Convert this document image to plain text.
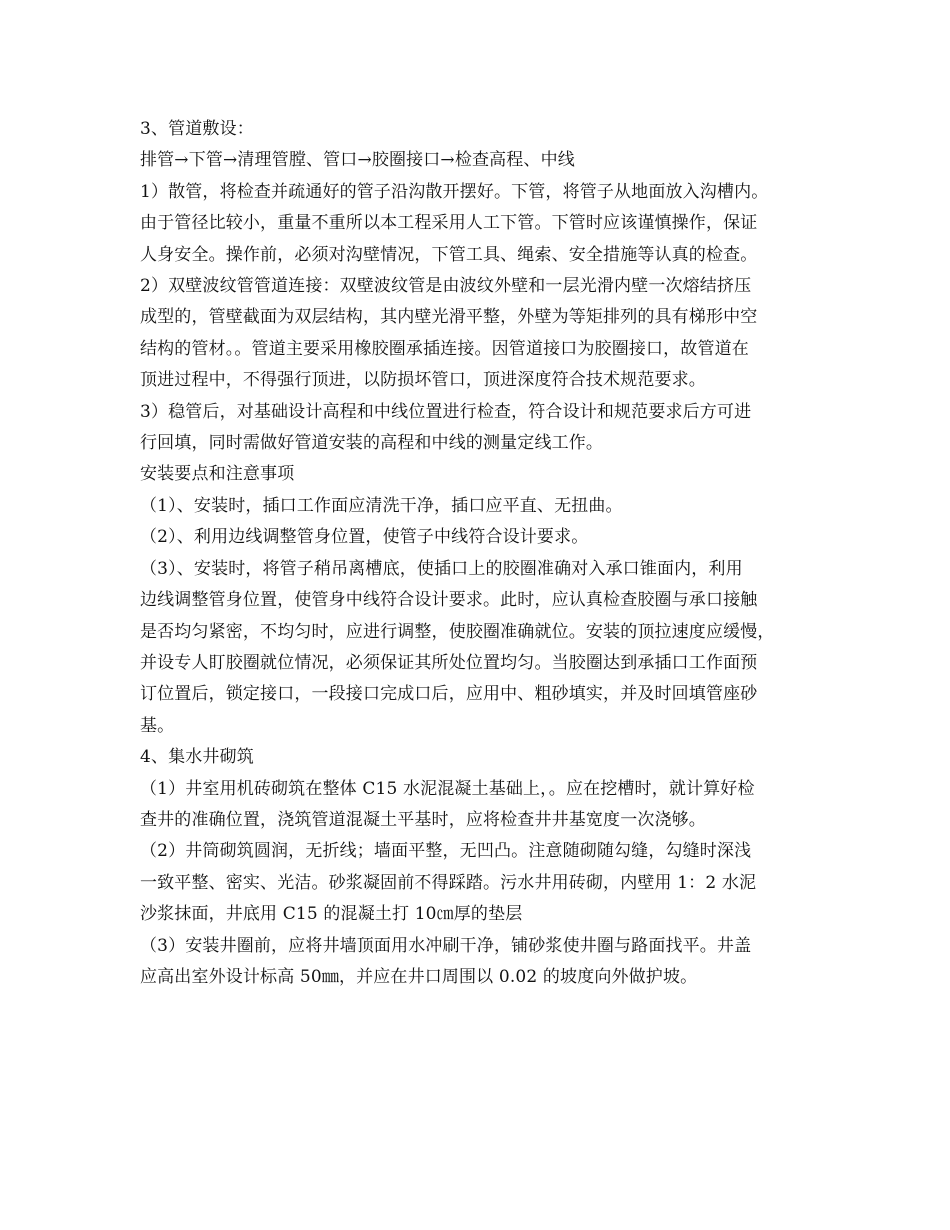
3、管道敷设：
排管→下管→清理管膛、管口→胶圈接口→检查高程、中线
1）散管，将检查并疏通好的管子沿沟散开摆好。下管，将管子从地面放入沟槽内。
由于管径比较小，重量不重所以本工程采用人工下管。下管时应该谨慎操作，保证
人身安全。操作前，必须对沟壁情况，下管工具、绳索、安全措施等认真的检查。
2）双壁波纹管管道连接：双壁波纹管是由波纹外壁和一层光滑内壁一次熔结挤压
成型的，管壁截面为双层结构，其内壁光滑平整，外壁为等矩排列的具有梯形中空
结构的管材。。管道主要采用橡胶圈承插连接。因管道接口为胶圈接口，故管道在
顶进过程中，不得强行顶进，以防损坏管口，顶进深度符合技术规范要求。
3）稳管后，对基础设计高程和中线位置进行检查，符合设计和规范要求后方可进
行回填，同时需做好管道安装的高程和中线的测量定线工作。
安装要点和注意事项
（1）、安装时，插口工作面应清洗干净，插口应平直、无扭曲。
（2）、利用边线调整管身位置，使管子中线符合设计要求。
（3）、安装时，将管子稍吊离槽底，使插口上的胶圈准确对入承口锥面内，利用
边线调整管身位置，使管身中线符合设计要求。此时，应认真检查胶圈与承口接触
是否均匀紧密，不均匀时，应进行调整，使胶圈准确就位。安装的顶拉速度应缓慢，
并设专人盯胶圈就位情况，必须保证其所处位置均匀。当胶圈达到承插口工作面预
订位置后，锁定接口，一段接口完成口后，应用中、粗砂填实，并及时回填管座砂
基。
4、集水井砌筑
（1）井室用机砖砌筑在整体 C15 水泥混凝土基础上，。应在挖槽时，就计算好检
查井的准确位置，浇筑管道混凝土平基时，应将检查井井基宽度一次浇够。
（2）井筒砌筑圆润，无折线；墙面平整，无凹凸。注意随砌随勾缝，勾缝时深浅
一致平整、密实、光洁。砂浆凝固前不得踩踏。污水井用砖砌，内壁用 1：2 水泥
沙浆抹面，井底用 C15 的混凝土打 10㎝厚的垫层
（3）安装井圈前，应将井墙顶面用水冲刷干净，铺砂浆使井圈与路面找平。井盖
应高出室外设计标高 50㎜，并应在井口周围以 0.02 的坡度向外做护坡。
